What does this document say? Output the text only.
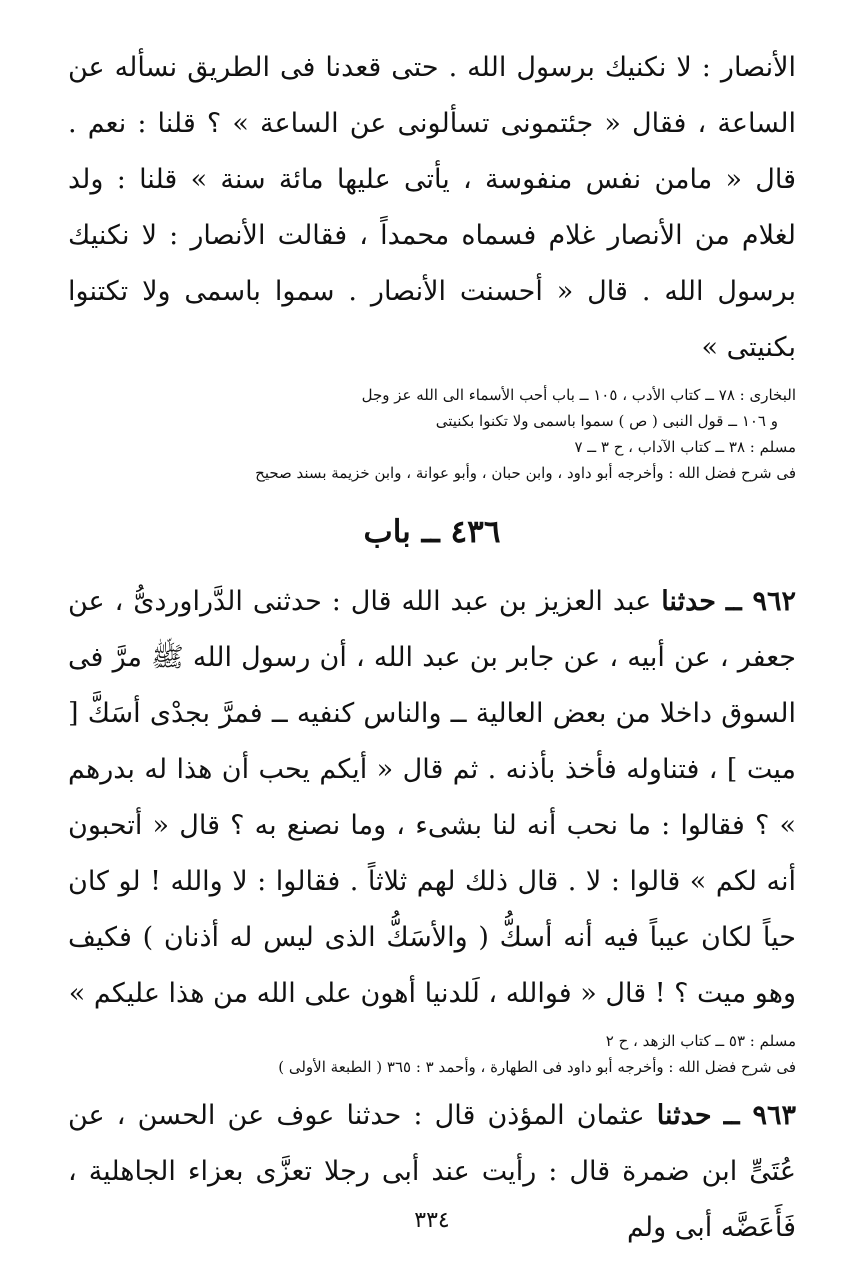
الأنصار : لا نكنيك برسول الله . حتى قعدنا فى الطريق نسأله عن الساعة ، فقال « جئتمونى تسألونى عن الساعة » ؟ قلنا : نعم . قال « مامن نفس منفوسة ، يأتى عليها مائة سنة » قلنا : ولد لغلام من الأنصار غلام فسماه محمداً ، فقالت الأنصار : لا نكنيك برسول الله . قال « أحسنت الأنصار . سموا باسمى ولا تكتنوا بكنيتى »

البخارى : ٧٨ ــ كتاب الأدب ، ١٠٥ ــ باب أحب الأسماء الى الله عز وجل
و ١٠٦ ــ قول النبى ( ص ) سموا باسمى ولا تكنوا بكنيتى
مسلم : ٣٨ ــ كتاب الآداب ، ح ٣ ــ ٧
فى شرح فضل الله : وأخرجه أبو داود ، وابن حبان ، وأبو عوانة ، وابن خزيمة بسند صحيح
٤٣٦ ــ باب

٩٦٢ ــ حدثنا عبد العزيز بن عبد الله قال : حدثنى الدَّراوردىُّ ، عن جعفر ، عن أبيه ، عن جابر بن عبد الله ، أن رسول الله ﷺ مرَّ فى السوق داخلا من بعض العالية ــ والناس كنفيه ــ فمرَّ بجدْى أسَكَّ [ ميت ] ، فتناوله فأخذ بأذنه . ثم قال « أيكم يحب أن هذا له بدرهم » ؟ فقالوا : ما نحب أنه لنا بشىء ، وما نصنع به ؟ قال « أتحبون أنه لكم » قالوا : لا . قال ذلك لهم ثلاثاً . فقالوا : لا والله ! لو كان حياً لكان عيباً فيه أنه أسكُّ ( والأسَكُّ الذى ليس له أذنان ) فكيف وهو ميت ؟ ! قال « فوالله ، لَلدنيا أهون على الله من هذا عليكم »

مسلم : ٥٣ ــ كتاب الزهد ، ح ٢
فى شرح فضل الله : وأخرجه أبو داود فى الطهارة ، وأحمد ٣ : ٣٦٥ ( الطبعة الأولى )

٩٦٣ ــ حدثنا عثمان المؤذن قال : حدثنا عوف عن الحسن ، عن عُتَىٍّ ابن ضمرة قال : رأيت عند أبى رجلا تعزَّى بعزاء الجاهلية ، فَأَعَضَّه أبى ولم

٣٣٤
